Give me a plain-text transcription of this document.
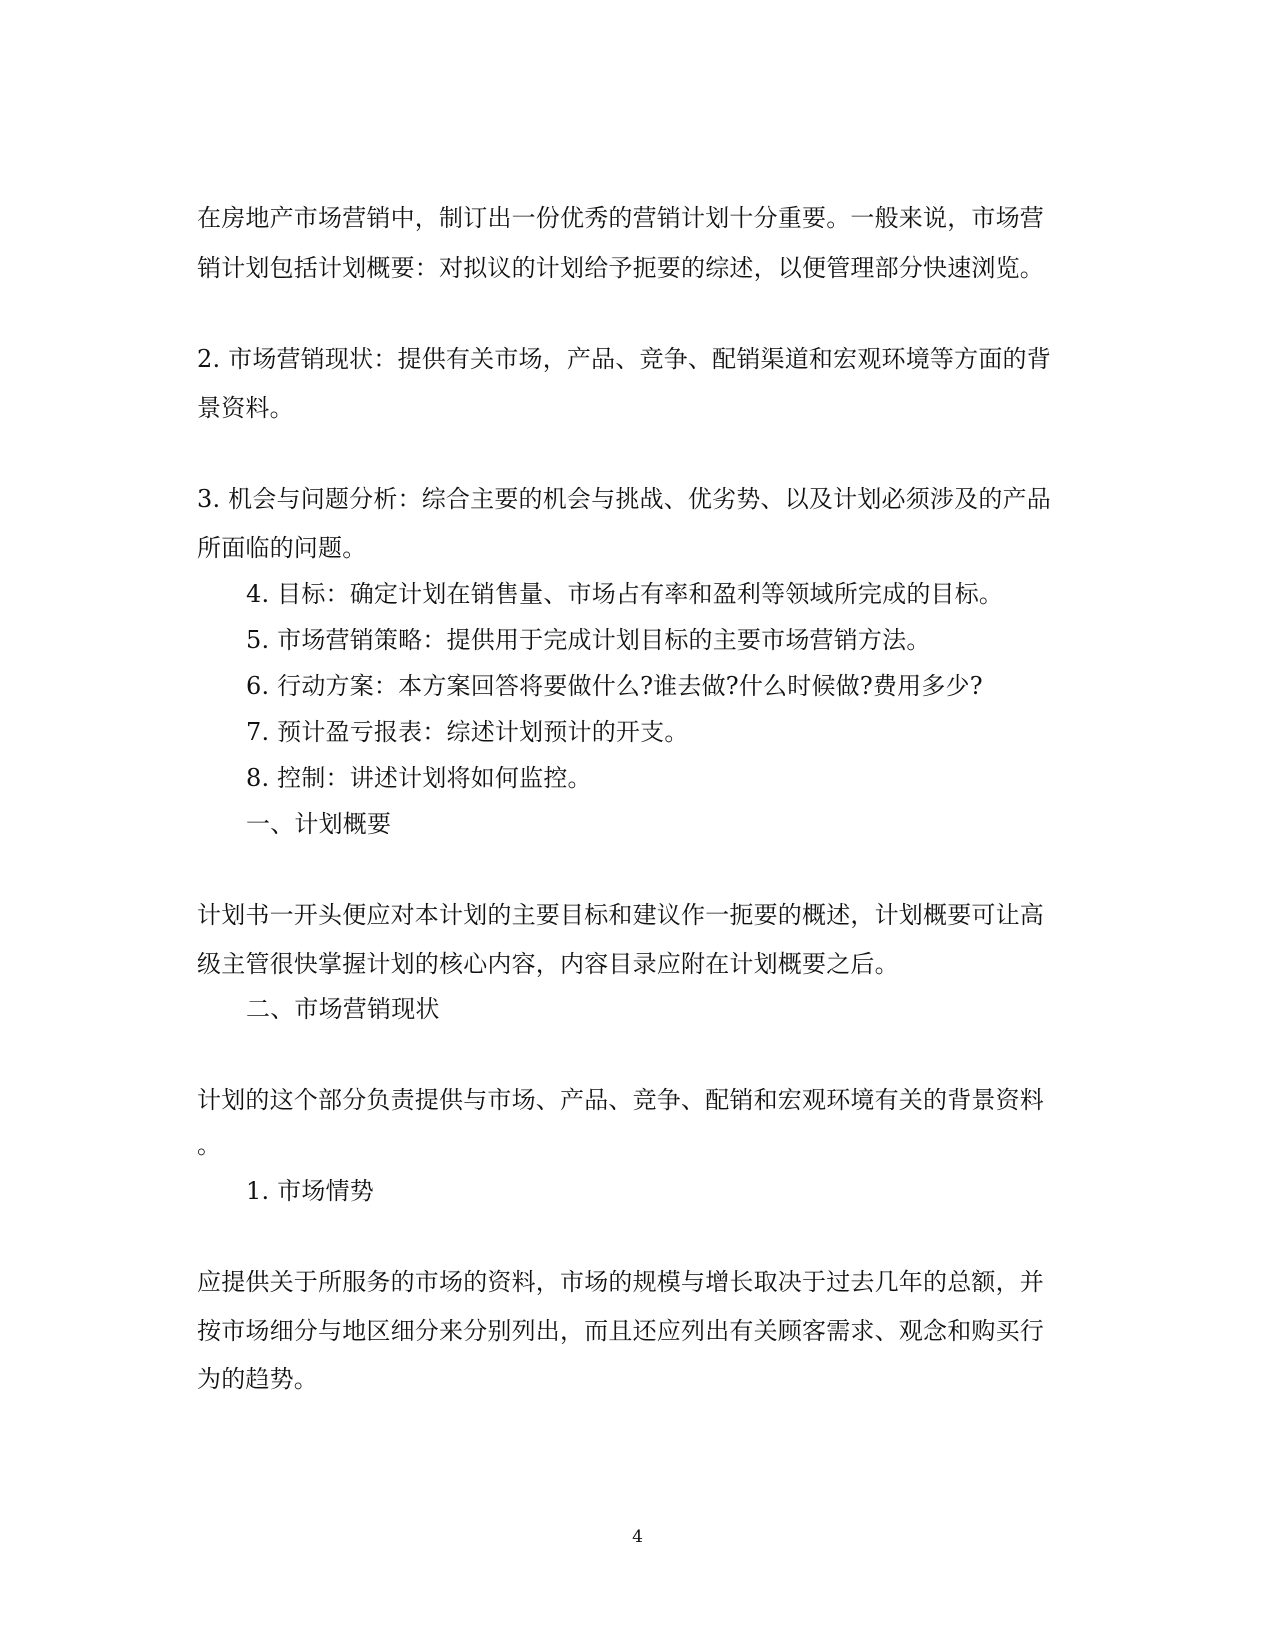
在房地产市场营销中，制订出一份优秀的营销计划十分重要。一般来说，市场营
销计划包括计划概要：对拟议的计划给予扼要的综述，以便管理部分快速浏览。
2. 市场营销现状：提供有关市场，产品、竞争、配销渠道和宏观环境等方面的背
景资料。
3. 机会与问题分析：综合主要的机会与挑战、优劣势、以及计划必须涉及的产品
所面临的问题。
4. 目标：确定计划在销售量、市场占有率和盈利等领域所完成的目标。
5. 市场营销策略：提供用于完成计划目标的主要市场营销方法。
6. 行动方案：本方案回答将要做什么?谁去做?什么时候做?费用多少?
7. 预计盈亏报表：综述计划预计的开支。
8. 控制：讲述计划将如何监控。
一、计划概要
计划书一开头便应对本计划的主要目标和建议作一扼要的概述，计划概要可让高
级主管很快掌握计划的核心内容，内容目录应附在计划概要之后。
二、市场营销现状
计划的这个部分负责提供与市场、产品、竞争、配销和宏观环境有关的背景资料
。
1. 市场情势
应提供关于所服务的市场的资料，市场的规模与增长取决于过去几年的总额，并
按市场细分与地区细分来分别列出，而且还应列出有关顾客需求、观念和购买行
为的趋势。
4
